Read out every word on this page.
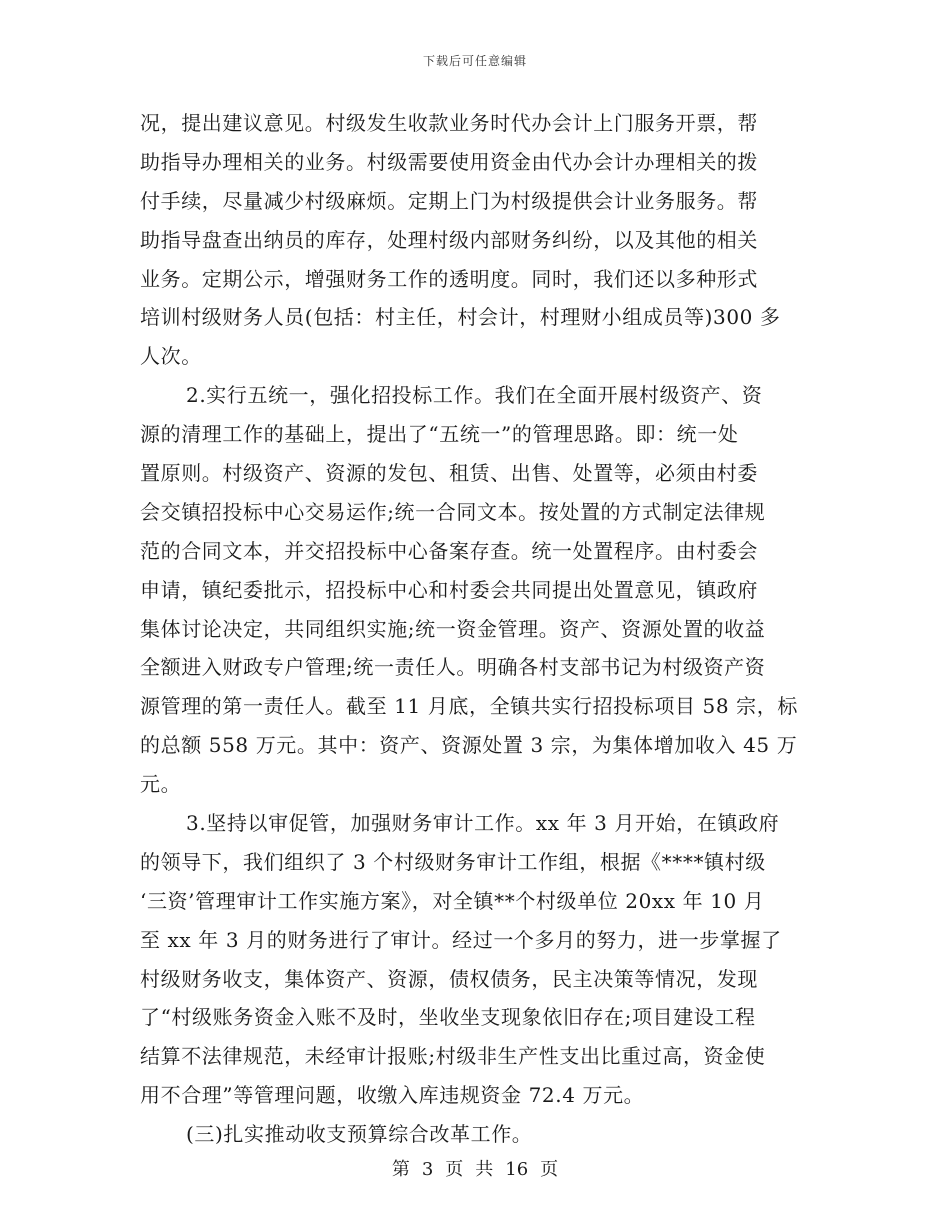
下载后可任意编辑
况，提出建议意见。村级发生收款业务时代办会计上门服务开票，帮
助指导办理相关的业务。村级需要使用资金由代办会计办理相关的拨
付手续，尽量减少村级麻烦。定期上门为村级提供会计业务服务。帮
助指导盘查出纳员的库存，处理村级内部财务纠纷，以及其他的相关
业务。定期公示，增强财务工作的透明度。同时，我们还以多种形式
培训村级财务人员(包括：村主任，村会计，村理财小组成员等)300 多
人次。
2.实行五统一，强化招投标工作。我们在全面开展村级资产、资
源的清理工作的基础上，提出了“五统一”的管理思路。即：统一处
置原则。村级资产、资源的发包、租赁、出售、处置等，必须由村委
会交镇招投标中心交易运作;统一合同文本。按处置的方式制定法律规
范的合同文本，并交招投标中心备案存查。统一处置程序。由村委会
申请，镇纪委批示，招投标中心和村委会共同提出处置意见，镇政府
集体讨论决定，共同组织实施;统一资金管理。资产、资源处置的收益
全额进入财政专户管理;统一责任人。明确各村支部书记为村级资产资
源管理的第一责任人。截至 11 月底，全镇共实行招投标项目 58 宗，标
的总额 558 万元。其中：资产、资源处置 3 宗，为集体增加收入 45 万
元。
3.坚持以审促管，加强财务审计工作。xx 年 3 月开始，在镇政府
的领导下，我们组织了 3 个村级财务审计工作组，根据《****镇村级
‘三资’管理审计工作实施方案》，对全镇**个村级单位 20xx 年 10 月
至 xx 年 3 月的财务进行了审计。经过一个多月的努力，进一步掌握了
村级财务收支，集体资产、资源，债权债务，民主决策等情况，发现
了“村级账务资金入账不及时，坐收坐支现象依旧存在;项目建设工程
结算不法律规范，未经审计报账;村级非生产性支出比重过高，资金使
用不合理”等管理问题，收缴入库违规资金 72.4 万元。
(三)扎实推动收支预算综合改革工作。
第 3 页 共 16 页
